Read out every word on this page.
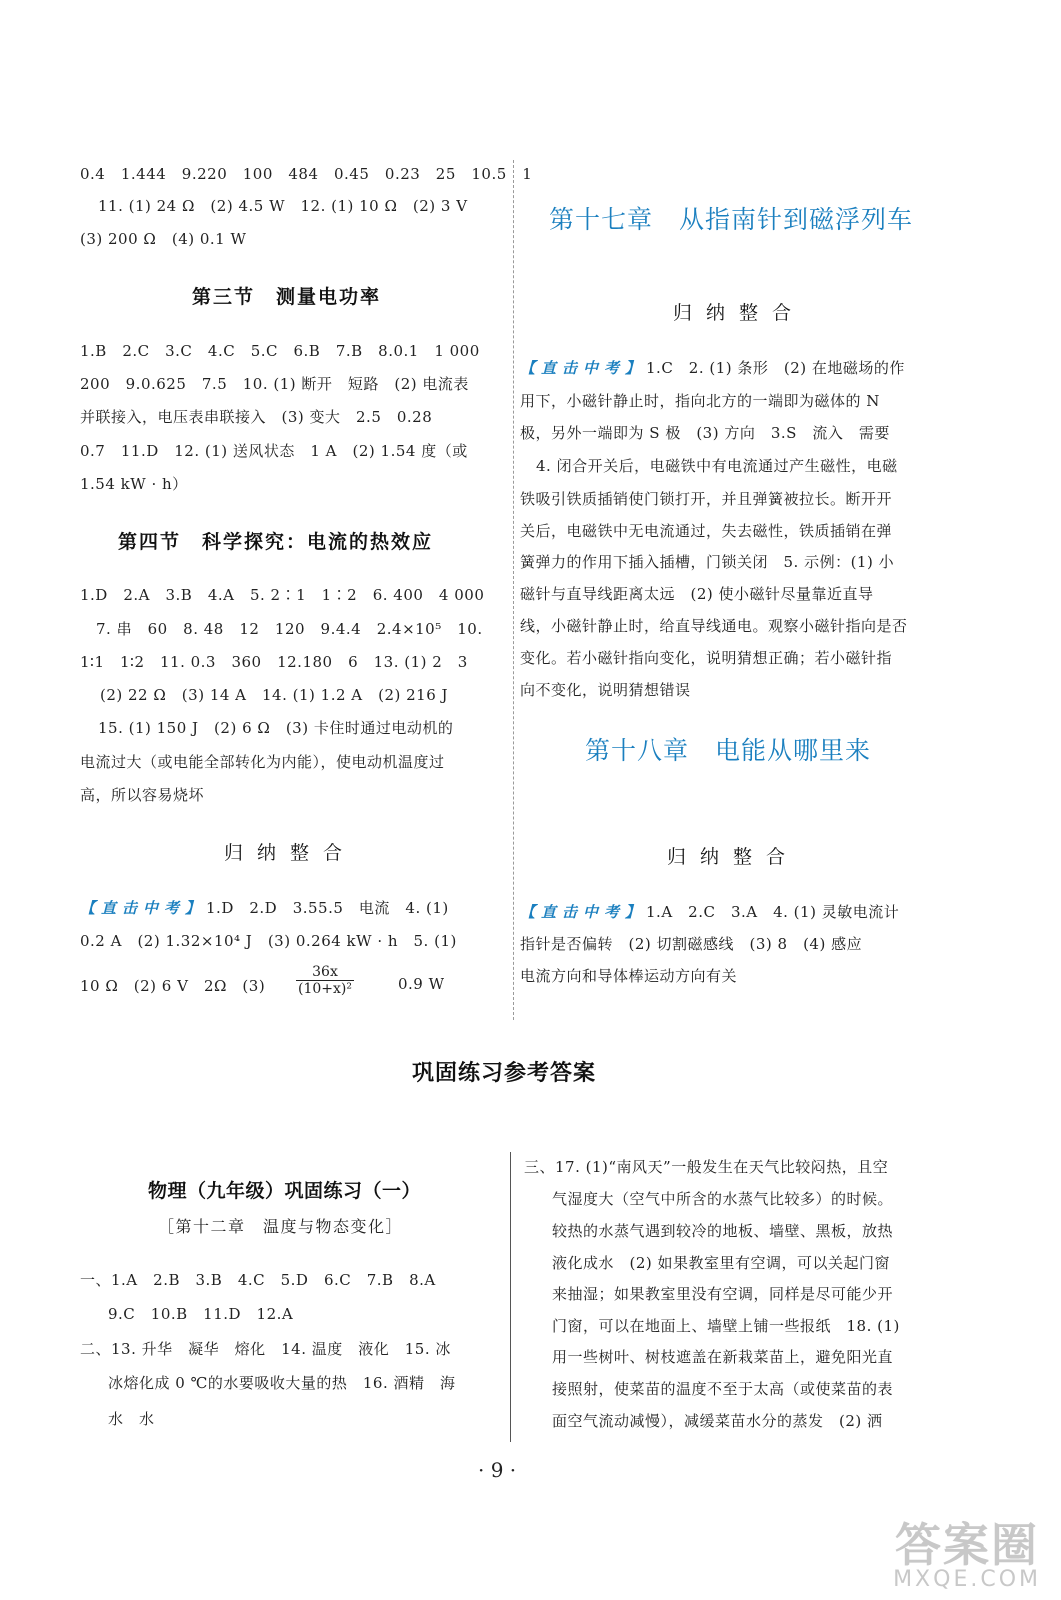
0.4　1.444　9.220　100　484　0.45　0.23　25　10.5　1
11. (1) 24 Ω　(2) 4.5 W　12. (1) 10 Ω　(2) 3 V
(3) 200 Ω　(4) 0.1 W
第三节　测量电功率
1.B　2.C　3.C　4.C　5.C　6.B　7.B　8.0.1　1 000
200　9.0.625　7.5　10. (1) 断开　短路　(2) 电流表
并联接入，电压表串联接入　(3) 变大　2.5　0.28
0.7　11.D　12. (1) 送风状态　1 A　(2) 1.54 度（或
1.54 kW · h）
第四节　科学探究：电流的热效应
1.D　2.A　3.B　4.A　5. 2∶1　1∶2　6. 400　4 000
7. 串　60　8. 48　12　120　9.4.4　2.4×10⁵　10.
1∶1　1∶2　11. 0.3　360　12.180　6　13. (1) 2　3
(2) 22 Ω　(3) 14 A　14. (1) 1.2 A　(2) 216 J
15. (1) 150 J　(2) 6 Ω　(3) 卡住时通过电动机的
电流过大（或电能全部转化为内能），使电动机温度过
高，所以容易烧坏
归纳整合
【直击中考】1.D　2.D　3.55.5　电流　4. (1)
0.2 A　(2) 1.32×10⁴ J　(3) 0.264 kW · h　5. (1)
10 Ω　(2) 6 V　2Ω　$(3) \frac{36x}{\text{(10+x)²}}$	0.9 W
第十七章　从指南针到磁浮列车
归纳整合
【直击中考】1.C　2. (1) 条形　(2) 在地磁场的作
用下，小磁针静止时，指向北方的一端即为磁体的 N
极，另外一端即为 S 极　(3) 方向　3.S　流入　需要
4. 闭合开关后，电磁铁中有电流通过产生磁性，电磁
铁吸引铁质插销使门锁打开，并且弹簧被拉长。断开开
关后，电磁铁中无电流通过，失去磁性，铁质插销在弹
簧弹力的作用下插入插槽，门锁关闭　5. 示例：(1) 小
磁针与直导线距离太远　(2) 使小磁针尽量靠近直导
线，小磁针静止时，给直导线通电。观察小磁针指向是否
变化。若小磁针指向变化，说明猜想正确；若小磁针指
向不变化，说明猜想错误
第十八章　电能从哪里来
归纳整合
【直击中考】1.A　2.C　3.A　4. (1) 灵敏电流计
指针是否偏转　(2) 切割磁感线　(3) 8　(4) 感应
电流方向和导体棒运动方向有关
巩固练习参考答案
物理（九年级）巩固练习（一）
［第十二章　温度与物态变化］
一、1.A　2.B　3.B　4.C　5.D　6.C　7.B　8.A
9.C　10.B　11.D　12.A
二、13. 升华　凝华　熔化　14. 温度　液化　15. 冰
冰熔化成 0 ℃的水要吸收大量的热　16. 酒精　海
水　水
三、17. (1)“南风天”一般发生在天气比较闷热，且空
气湿度大（空气中所含的水蒸气比较多）的时候。
较热的水蒸气遇到较冷的地板、墙壁、黑板，放热
液化成水　(2) 如果教室里有空调，可以关起门窗
来抽湿；如果教室里没有空调，同样是尽可能少开
门窗，可以在地面上、墙壁上铺一些报纸　18. (1)
用一些树叶、树枝遮盖在新栽菜苗上，避免阳光直
接照射，使菜苗的温度不至于太高（或使菜苗的表
面空气流动减慢），减缓菜苗水分的蒸发　(2) 洒
· 9 ·
答案圈
MXQE.COM
